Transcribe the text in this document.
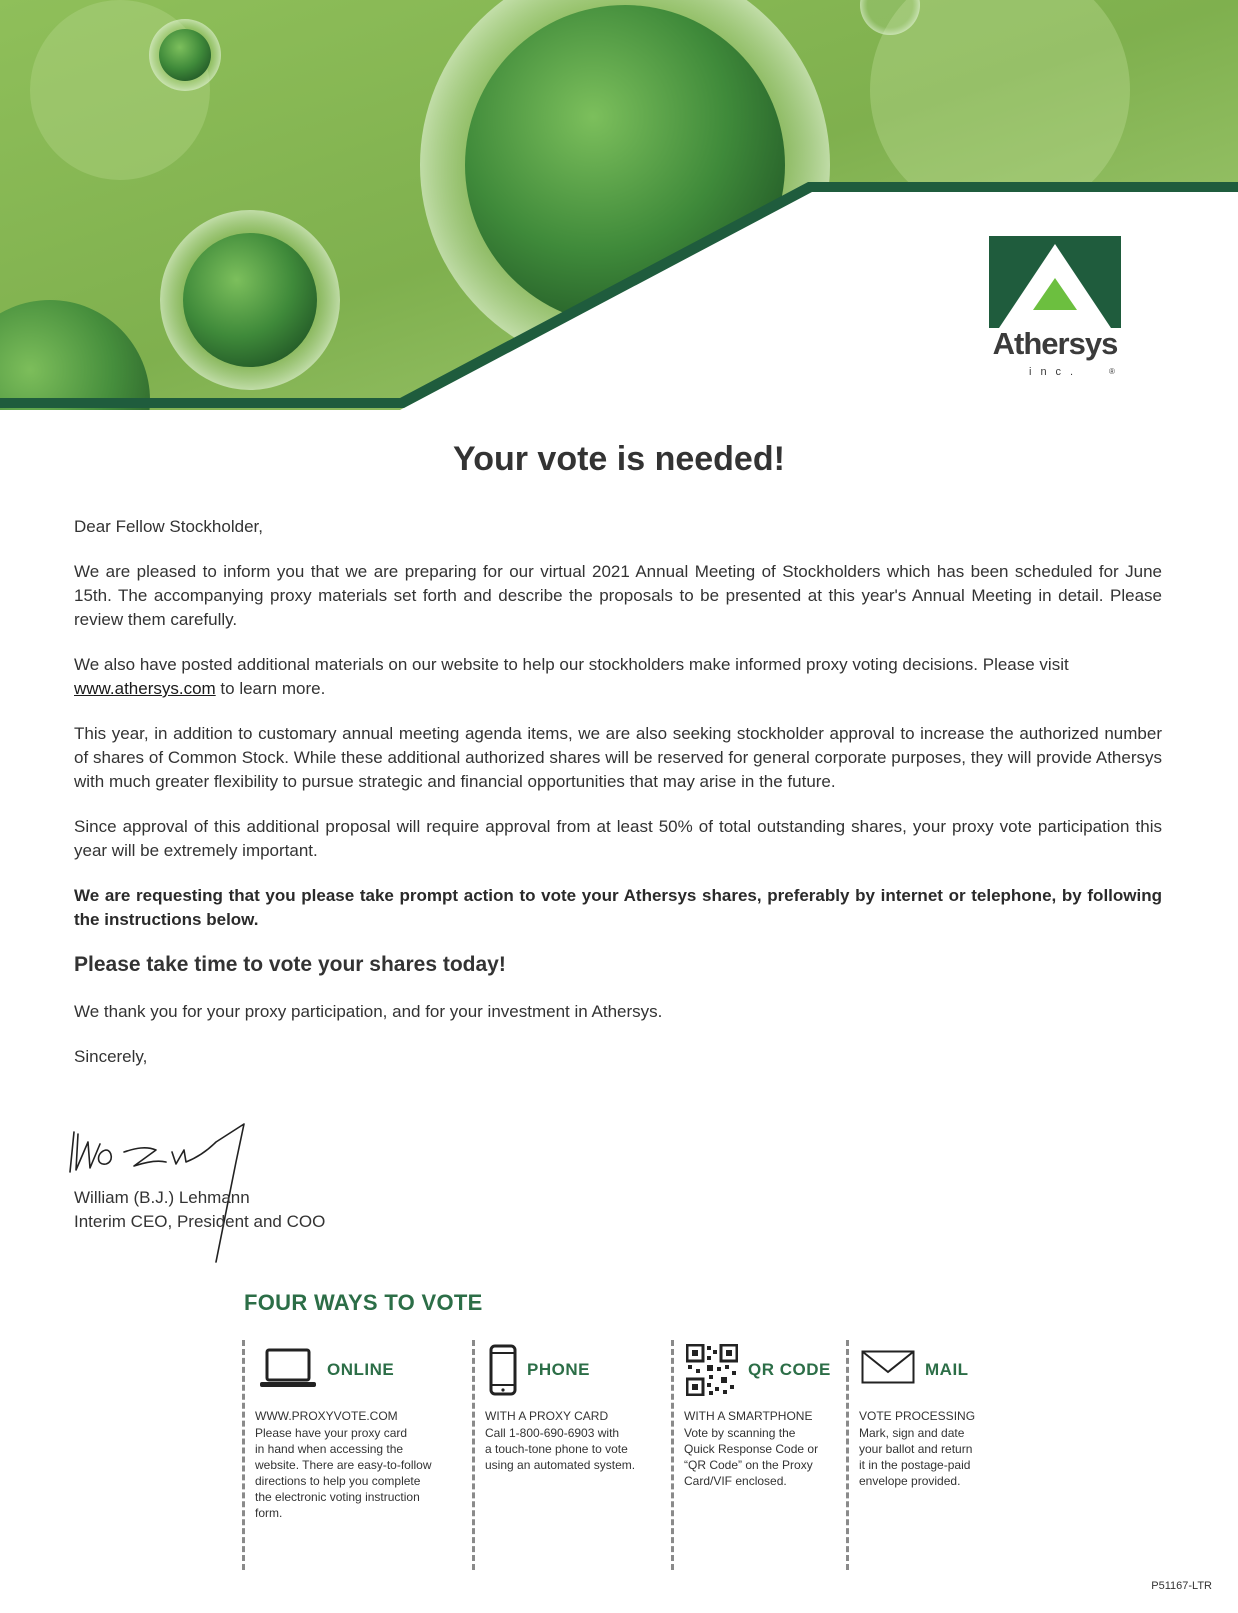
Athersys
inc.	®
Your vote is needed!

Dear Fellow Stockholder,

We are pleased to inform you that we are preparing for our virtual 2021 Annual Meeting of Stockholders which has been scheduled for June 15th. The accompanying proxy materials set forth and describe the proposals to be presented at this year's Annual Meeting in detail. Please review them carefully.

We also have posted additional materials on our website to help our stockholders make informed proxy voting decisions. Please visit www.athersys.com to learn more.

This year, in addition to customary annual meeting agenda items, we are also seeking stockholder approval to increase the authorized number of shares of Common Stock. While these additional authorized shares will be reserved for general corporate purposes, they will provide Athersys with much greater flexibility to pursue strategic and financial opportunities that may arise in the future.

Since approval of this additional proposal will require approval from at least 50% of total outstanding shares, your proxy vote participation this year will be extremely important.

We are requesting that you please take prompt action to vote your Athersys shares, preferably by internet or telephone, by following the instructions below.

Please take time to vote your shares today!

We thank you for your proxy participation, and for your investment in Athersys.

Sincerely,

William (B.J.) Lehmann
Interim CEO, President and COO
FOUR WAYS TO VOTE
ONLINE
WWW.PROXYVOTE.COM
Please have your proxy card
in hand when accessing the
website. There are easy-to-follow
directions to help you complete
the electronic voting instruction
form.
PHONE
WITH A PROXY CARD
Call 1-800-690-6903 with
a touch-tone phone to vote
using an automated system.
QR CODE
WITH A SMARTPHONE
Vote by scanning the
Quick Response Code or
“QR Code” on the Proxy
Card/VIF enclosed.
MAIL
VOTE PROCESSING
Mark, sign and date
your ballot and return
it in the postage-paid
envelope provided.
P51167-LTR
